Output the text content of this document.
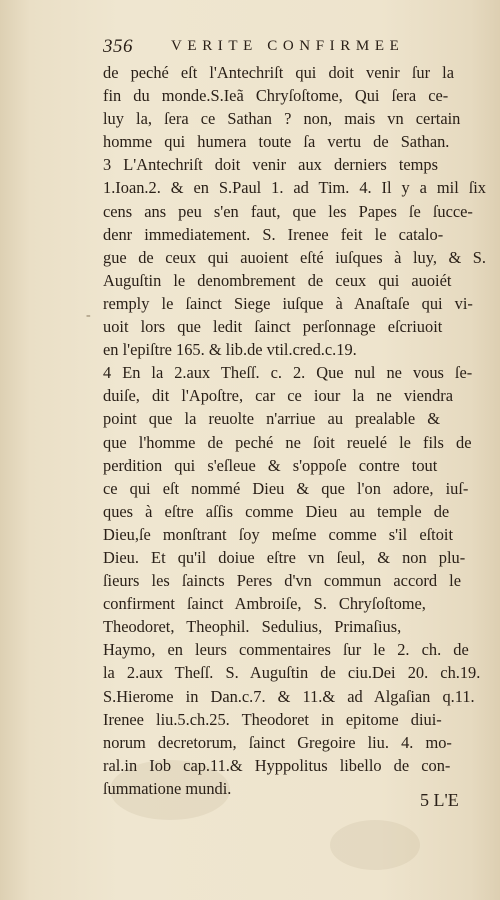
356	VERITE CONFIRMEE
-
de peché eſt l'Antechriſt qui doit venir ſur la
fin du monde.S.Ieã Chryſoſtome, Qui ſera ce-
luy la, ſera ce Sathan ? non, mais vn certain
homme qui humera toute ſa vertu de Sathan.
3 L'Antechriſt doit venir aux derniers temps
1.Ioan.2. & en S.Paul 1. ad Tim. 4. Il y a mil ſix
cens ans peu s'en faut, que les Papes ſe ſucce-
denr immediatement. S. Irenee feit le catalo-
gue de ceux qui auoient eſté iuſques à luy, & S.
Auguſtin le denombrement de ceux qui auoiét
remply le ſainct Siege iuſque à Anaſtaſe qui vi-
uoit lors que ledit ſainct perſonnage eſcriuoit
en l'epiſtre 165. & lib.de vtil.cred.c.19.
4 En la 2.aux Theſſ. c. 2. Que nul ne vous ſe-
duiſe, dit l'Apoſtre, car ce iour la ne viendra
point que la reuolte n'arriue au prealable &
que l'homme de peché ne ſoit reuelé le fils de
perdition qui s'eſleue & s'oppoſe contre tout
ce qui eſt nommé Dieu & que l'on adore, iuſ-
ques à eſtre aſſis comme Dieu au temple de
Dieu,ſe monſtrant ſoy meſme comme s'il eſtoit
Dieu. Et qu'il doiue eſtre vn ſeul, & non plu-
ſieurs les ſaincts Peres d'vn commun accord le
confirment ſainct Ambroiſe, S. Chryſoſtome,
Theodoret, Theophil. Sedulius, Primaſius,
Haymo, en leurs commentaires ſur le 2. ch. de
la 2.aux Theſſ. S. Auguſtin de ciu.Dei 20. ch.19.
S.Hierome in Dan.c.7. & 11.& ad Algaſian q.11.
Irenee liu.5.ch.25. Theodoret in epitome diui-
norum decretorum, ſainct Gregoire liu. 4. mo-
ral.in Iob cap.11.& Hyppolitus libello de con-
ſummatione mundi.
5 L'E
